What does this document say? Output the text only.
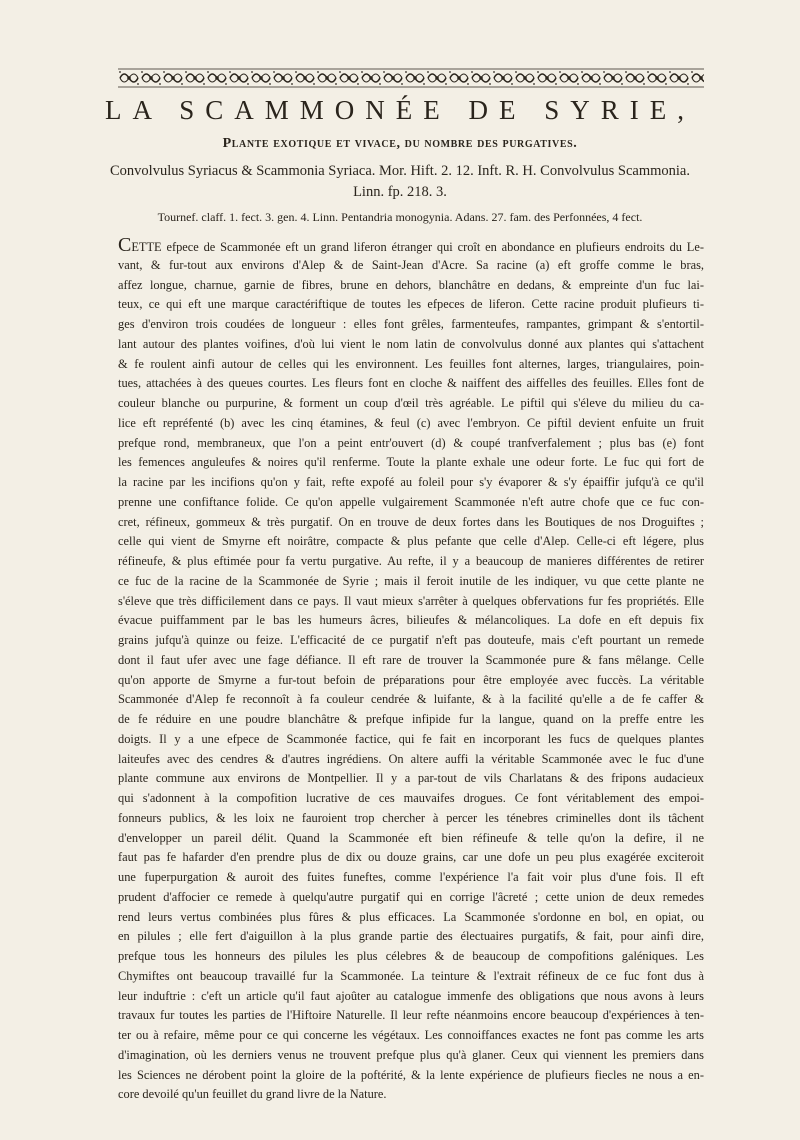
LA SCAMMONÉE DE SYRIE,
Plante exotique et vivace, du nombre des purgatives.
Convolvulus Syriacus & Scammonia Syriaca. Mor. Hift. 2. 12. Inft. R. H. Convolvulus Scammonia.
Linn. fp. 218. 3.
Tournef. claff. 1. fect. 3. gen. 4. Linn. Pentandria monogynia. Adans. 27. fam. des Perfonnées, 4 fect.
CETTE efpece de Scammonée eft un grand liferon étranger qui croît en abondance en plufieurs endroits du Le-
vant, & fur-tout aux environs d'Alep & de Saint-Jean d'Acre. Sa racine (a) eft groffe comme le bras,
affez longue, charnue, garnie de fibres, brune en dehors, blanchâtre en dedans, & empreinte d'un fuc lai-
teux, ce qui eft une marque caractériftique de toutes les efpeces de liferon. Cette racine produit plufieurs ti-
ges d'environ trois coudées de longueur : elles font grêles, farmenteufes, rampantes, grimpant & s'entortil-
lant autour des plantes voifines, d'où lui vient le nom latin de convolvulus donné aux plantes qui s'attachent
& fe roulent ainfi autour de celles qui les environnent. Les feuilles font alternes, larges, triangulaires, poin-
tues, attachées à des queues courtes. Les fleurs font en cloche & naiffent des aiffelles des feuilles. Elles font de
couleur blanche ou purpurine, & forment un coup d'œil très agréable. Le piftil qui s'éleve du milieu du ca-
lice eft repréfenté (b) avec les cinq étamines, & feul (c) avec l'embryon. Ce piftil devient enfuite un fruit
prefque rond, membraneux, que l'on a peint entr'ouvert (d) & coupé tranfverfalement ; plus bas (e) font
les femences anguleufes & noires qu'il renferme. Toute la plante exhale une odeur forte. Le fuc qui fort de
la racine par les incifions qu'on y fait, refte expofé au foleil pour s'y évaporer & s'y épaiffir jufqu'à ce qu'il
prenne une confiftance folide. Ce qu'on appelle vulgairement Scammonée n'eft autre chofe que ce fuc con-
cret, réfineux, gommeux & très purgatif. On en trouve de deux fortes dans les Boutiques de nos Droguiftes ;
celle qui vient de Smyrne eft noirâtre, compacte & plus pefante que celle d'Alep. Celle-ci eft légere, plus
réfineufe, & plus eftimée pour fa vertu purgative. Au refte, il y a beaucoup de manieres différentes de retirer
ce fuc de la racine de la Scammonée de Syrie ; mais il feroit inutile de les indiquer, vu que cette plante ne
s'éleve que très difficilement dans ce pays. Il vaut mieux s'arrêter à quelques obfervations fur fes propriétés. Elle
évacue puiffamment par le bas les humeurs âcres, bilieufes & mélancoliques. La dofe en eft depuis fix
grains jufqu'à quinze ou feize. L'efficacité de ce purgatif n'eft pas douteufe, mais c'eft pourtant un remede
dont il faut ufer avec une fage défiance. Il eft rare de trouver la Scammonée pure & fans mêlange. Celle
qu'on apporte de Smyrne a fur-tout befoin de préparations pour être employée avec fuccès. La véritable
Scammonée d'Alep fe reconnoît à fa couleur cendrée & luifante, & à la facilité qu'elle a de fe caffer &
de fe réduire en une poudre blanchâtre & prefque infipide fur la langue, quand on la preffe entre les
doigts. Il y a une efpece de Scammonée factice, qui fe fait en incorporant les fucs de quelques plantes
laiteufes avec des cendres & d'autres ingrédiens. On altere auffi la véritable Scammonée avec le fuc d'une
plante commune aux environs de Montpellier. Il y a par-tout de vils Charlatans & des fripons audacieux
qui s'adonnent à la compofition lucrative de ces mauvaifes drogues. Ce font véritablement des empoi-
fonneurs publics, & les loix ne fauroient trop chercher à percer les ténebres criminelles dont ils tâchent
d'envelopper un pareil délit. Quand la Scammonée eft bien réfineufe & telle qu'on la defire, il ne
faut pas fe hafarder d'en prendre plus de dix ou douze grains, car une dofe un peu plus exagérée exciteroit
une fuperpurgation & auroit des fuites funeftes, comme l'expérience l'a fait voir plus d'une fois. Il eft
prudent d'affocier ce remede à quelqu'autre purgatif qui en corrige l'âcreté ; cette union de deux remedes
rend leurs vertus combinées plus fûres & plus efficaces. La Scammonée s'ordonne en bol, en opiat, ou
en pilules ; elle fert d'aiguillon à la plus grande partie des électuaires purgatifs, & fait, pour ainfi dire,
prefque tous les honneurs des pilules les plus célebres & de beaucoup de compofitions galéniques. Les
Chymiftes ont beaucoup travaillé fur la Scammonée. La teinture & l'extrait réfineux de ce fuc font dus à
leur induftrie : c'eft un article qu'il faut ajoûter au catalogue immenfe des obligations que nous avons à leurs
travaux fur toutes les parties de l'Hiftoire Naturelle. Il leur refte néanmoins encore beaucoup d'expériences à ten-
ter ou à refaire, même pour ce qui concerne les végétaux. Les connoiffances exactes ne font pas comme les arts
d'imagination, où les derniers venus ne trouvent prefque plus qu'à glaner. Ceux qui viennent les premiers dans
les Sciences ne dérobent point la gloire de la poftérité, & la lente expérience de plufieurs fiecles ne nous a en-
core devoilé qu'un feuillet du grand livre de la Nature.
